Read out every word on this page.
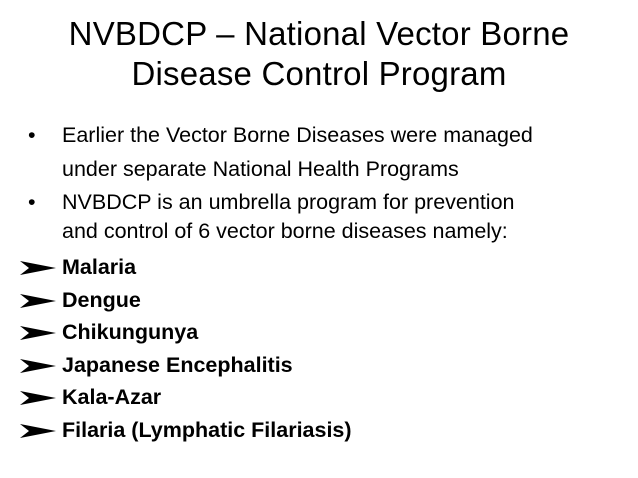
NVBDCP – National Vector Borne
Disease Control Program
• Earlier the Vector Borne Diseases were managed
under separate National Health Programs
• NVBDCP is an umbrella program for prevention
and control of 6 vector borne diseases namely:
Malaria
Dengue
Chikungunya
Japanese Encephalitis
Kala-Azar
Filaria (Lymphatic Filariasis)
